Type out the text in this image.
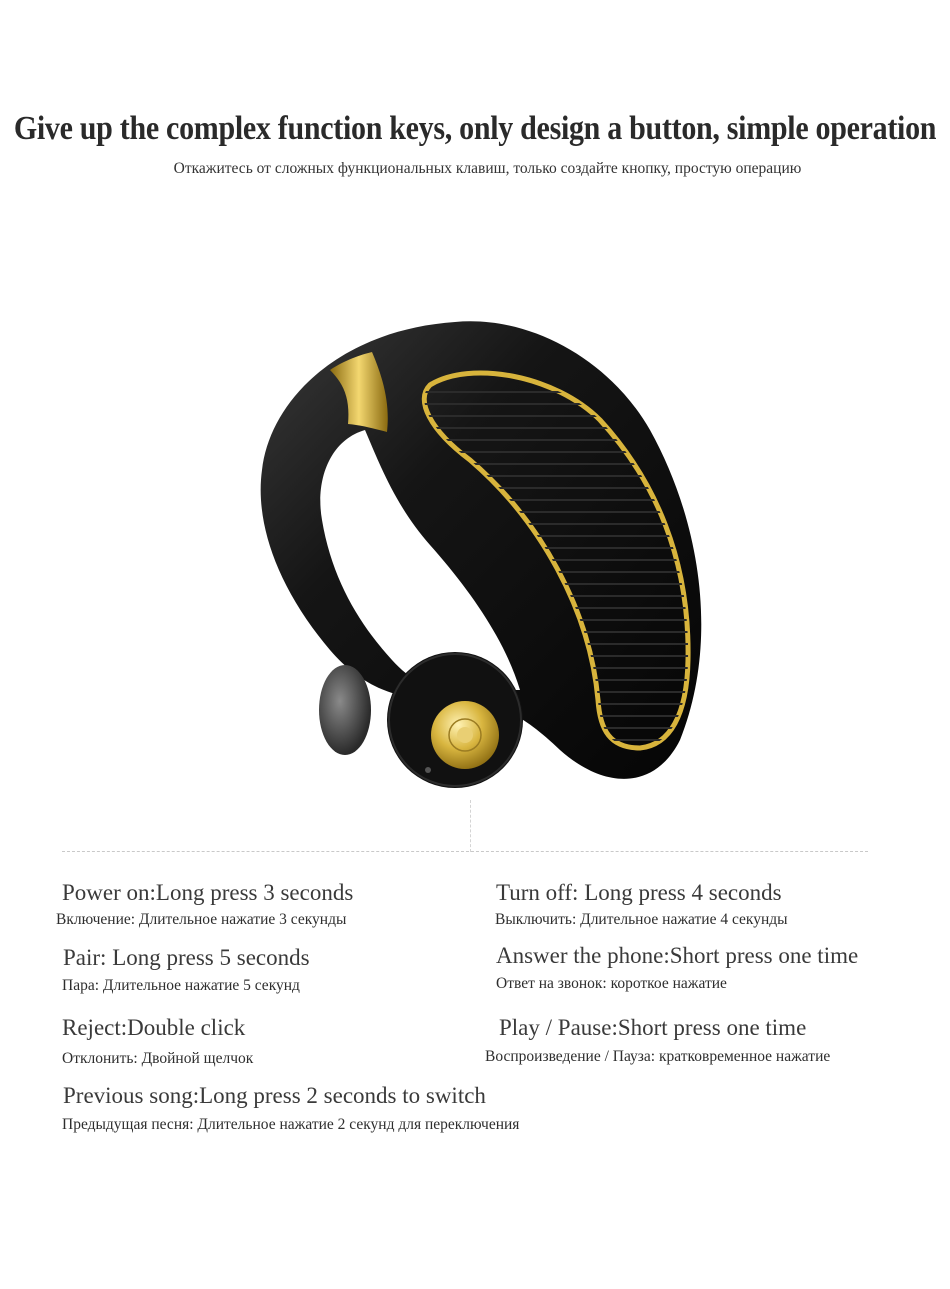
Give up the complex function keys, only design a button, simple operation
Откажитесь от сложных функциональных клавиш, только создайте кнопку, простую операцию
Power on:Long press 3 seconds
Включение: Длительное нажатие 3 секунды
Turn off: Long press 4 seconds
Выключить: Длительное нажатие 4 секунды
Pair: Long press 5 seconds
Пара: Длительное нажатие 5 секунд
Answer the phone:Short press one time
Ответ на звонок: короткое нажатие
Reject:Double click
Отклонить: Двойной щелчок
Play / Pause:Short press one time
Воспроизведение / Пауза: кратковременное нажатие
Previous song:Long press 2 seconds to switch
Предыдущая песня: Длительное нажатие 2 секунд для переключения
